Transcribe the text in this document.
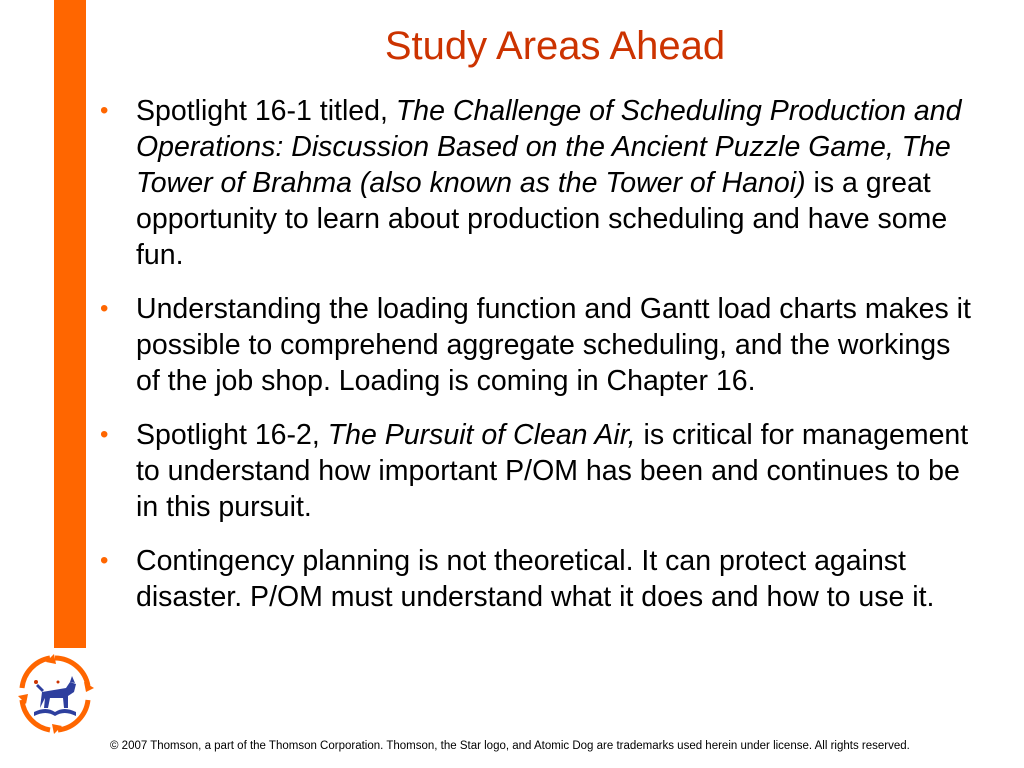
Study Areas Ahead
• Spotlight 16-1 titled, The Challenge of Scheduling Production and Operations: Discussion Based on the Ancient Puzzle Game, The Tower of Brahma (also known as the Tower of Hanoi) is a great opportunity to learn about production scheduling and have some fun.
• Understanding the loading function and Gantt load charts makes it possible to comprehend aggregate scheduling, and the workings of the job shop. Loading is coming in Chapter 16.
• Spotlight 16-2, The Pursuit of Clean Air, is critical for management to understand how important P/OM has been and continues to be in this pursuit.
• Contingency planning is not theoretical. It can protect against disaster. P/OM must understand what it does and how to use it.
© 2007 Thomson, a part of the Thomson Corporation. Thomson, the Star logo, and Atomic Dog are trademarks used herein under license. All rights reserved.
